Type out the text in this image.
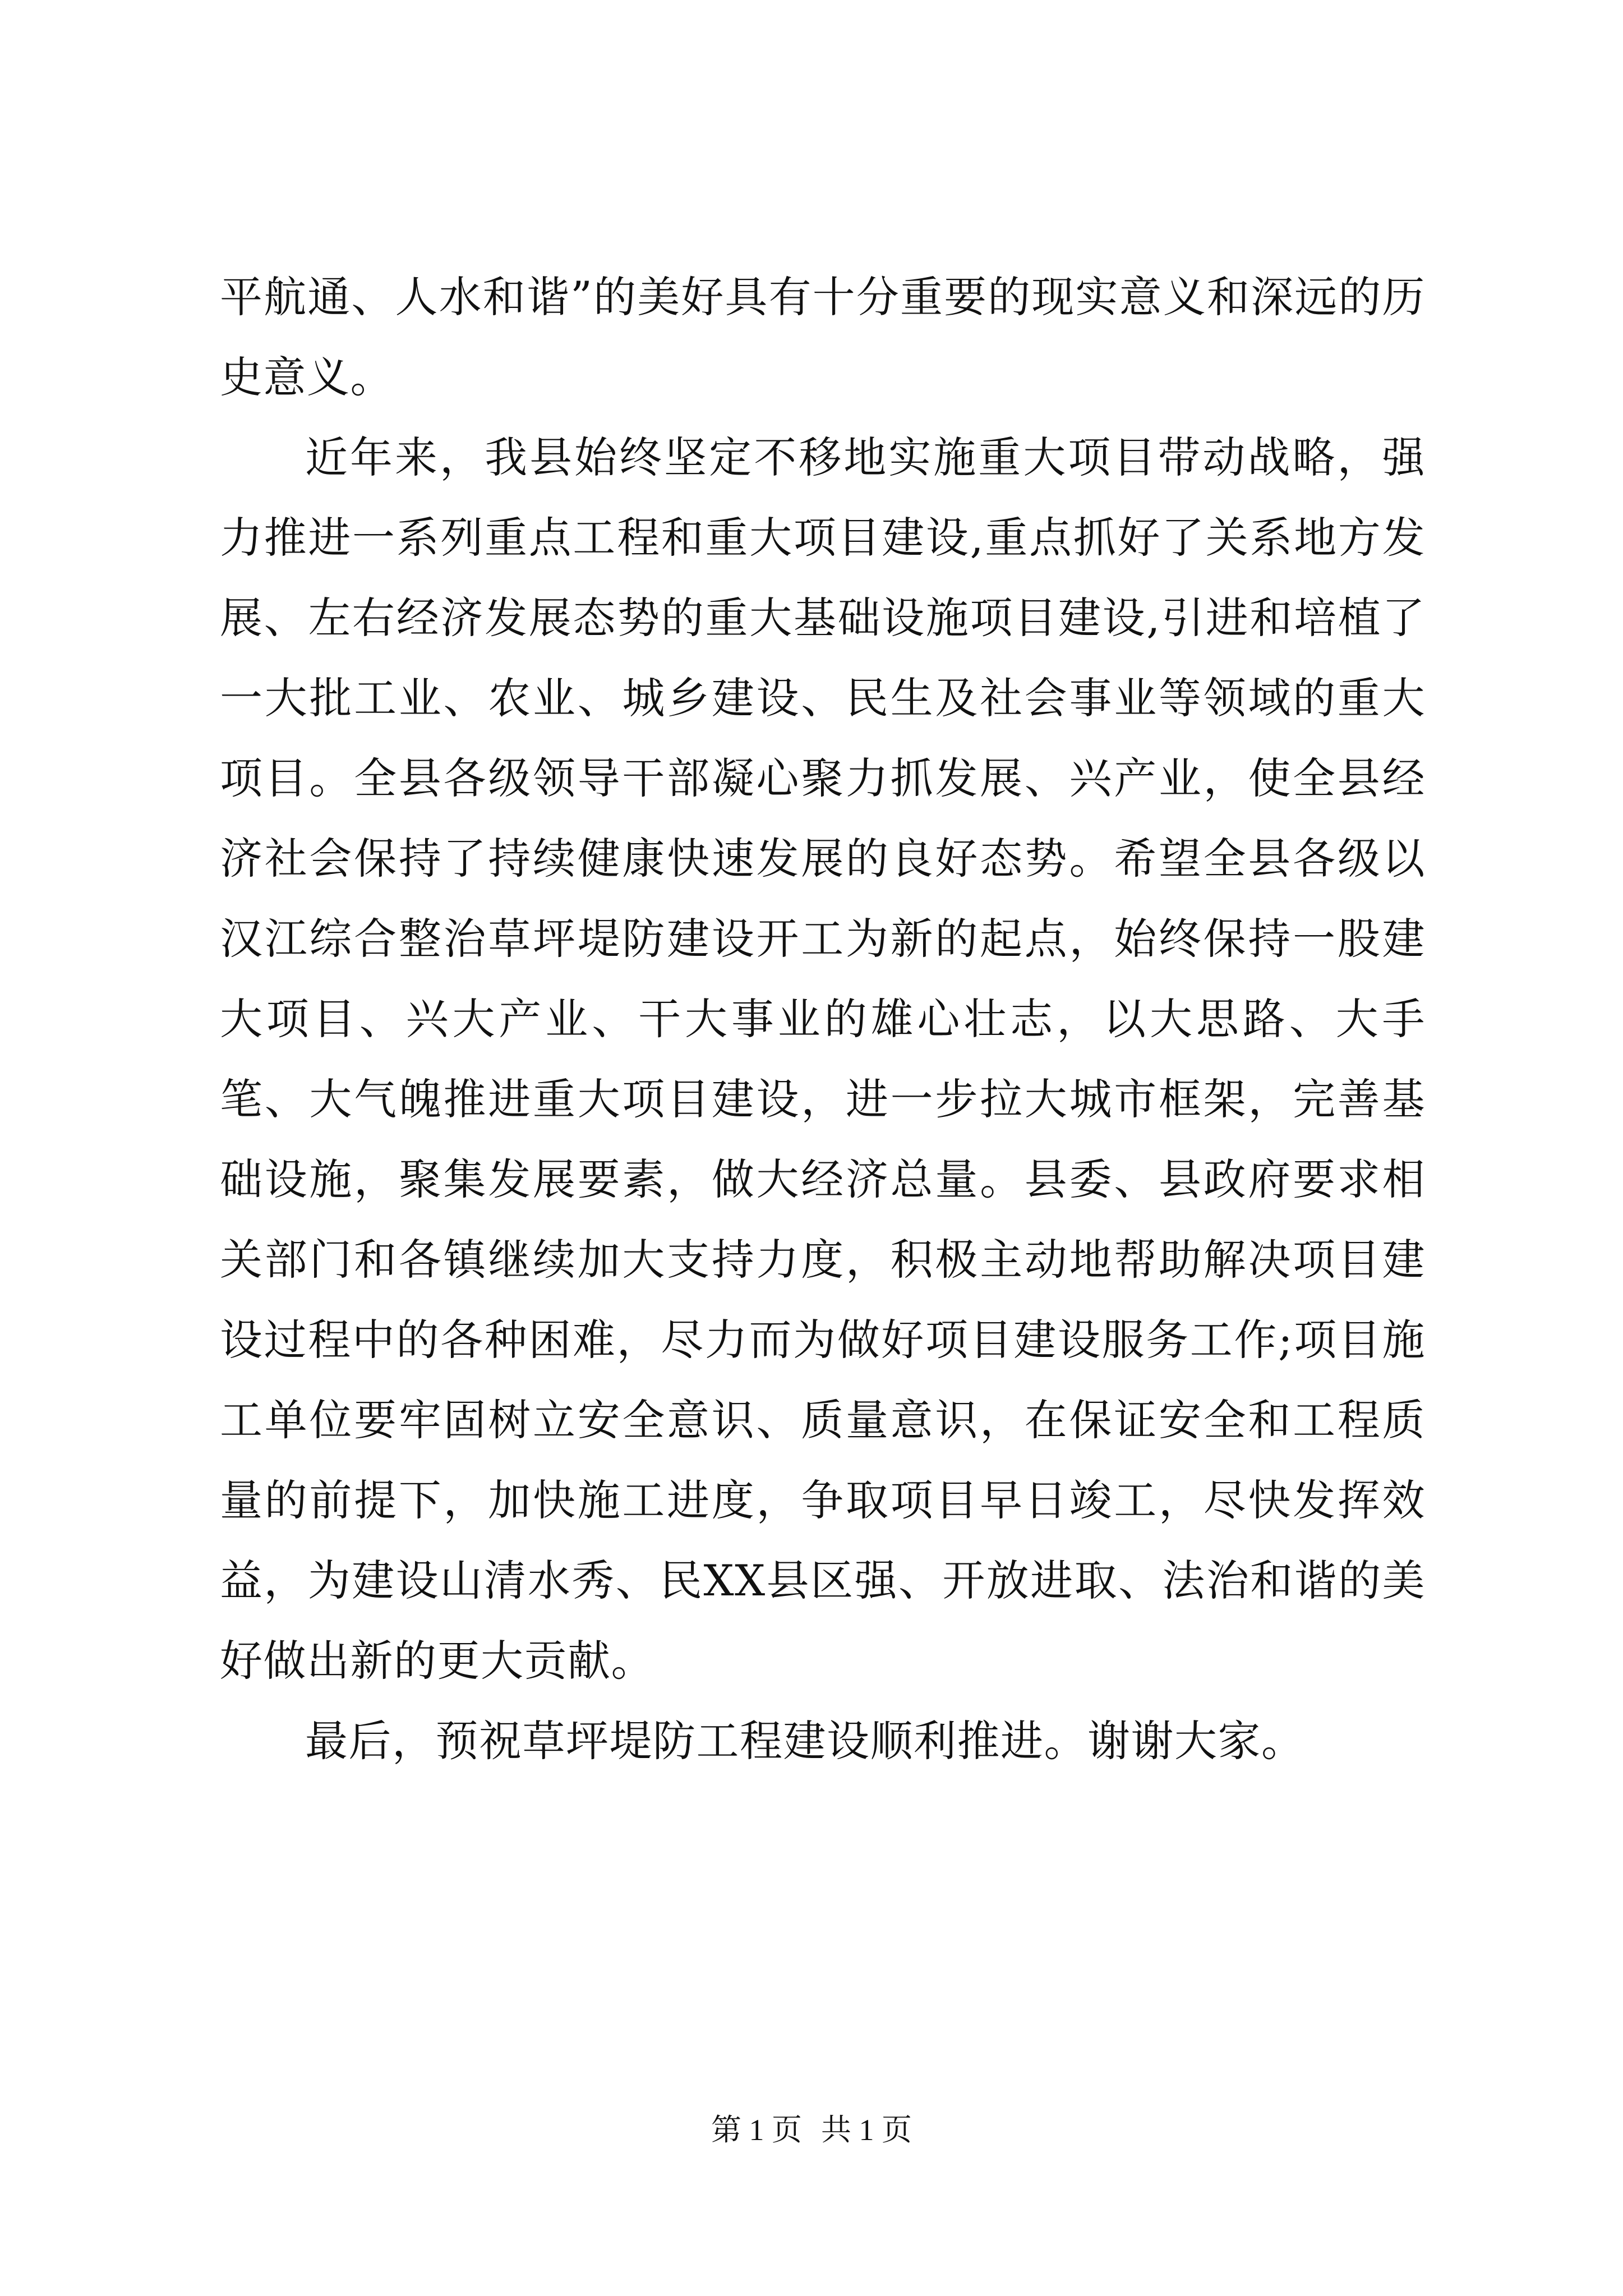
平航通、人水和谐”的美好具有十分重要的现实意义和深远的历史意义。

近年来，我县始终坚定不移地实施重大项目带动战略，强力推进一系列重点工程和重大项目建设,重点抓好了关系地方发展、左右经济发展态势的重大基础设施项目建设,引进和培植了一大批工业、农业、城乡建设、民生及社会事业等领域的重大项目。全县各级领导干部凝心聚力抓发展、兴产业，使全县经济社会保持了持续健康快速发展的良好态势。希望全县各级以汉江综合整治草坪堤防建设开工为新的起点，始终保持一股建大项目、兴大产业、干大事业的雄心壮志，以大思路、大手笔、大气魄推进重大项目建设，进一步拉大城市框架，完善基础设施，聚集发展要素，做大经济总量。县委、县政府要求相关部门和各镇继续加大支持力度，积极主动地帮助解决项目建设过程中的各种困难，尽力而为做好项目建设服务工作;项目施工单位要牢固树立安全意识、质量意识，在保证安全和工程质量的前提下，加快施工进度，争取项目早日竣工，尽快发挥效益，为建设山清水秀、民XX县区强、开放进取、法治和谐的美好做出新的更大贡献。

最后，预祝草坪堤防工程建设顺利推进。谢谢大家。

第 1 页 共 1 页
